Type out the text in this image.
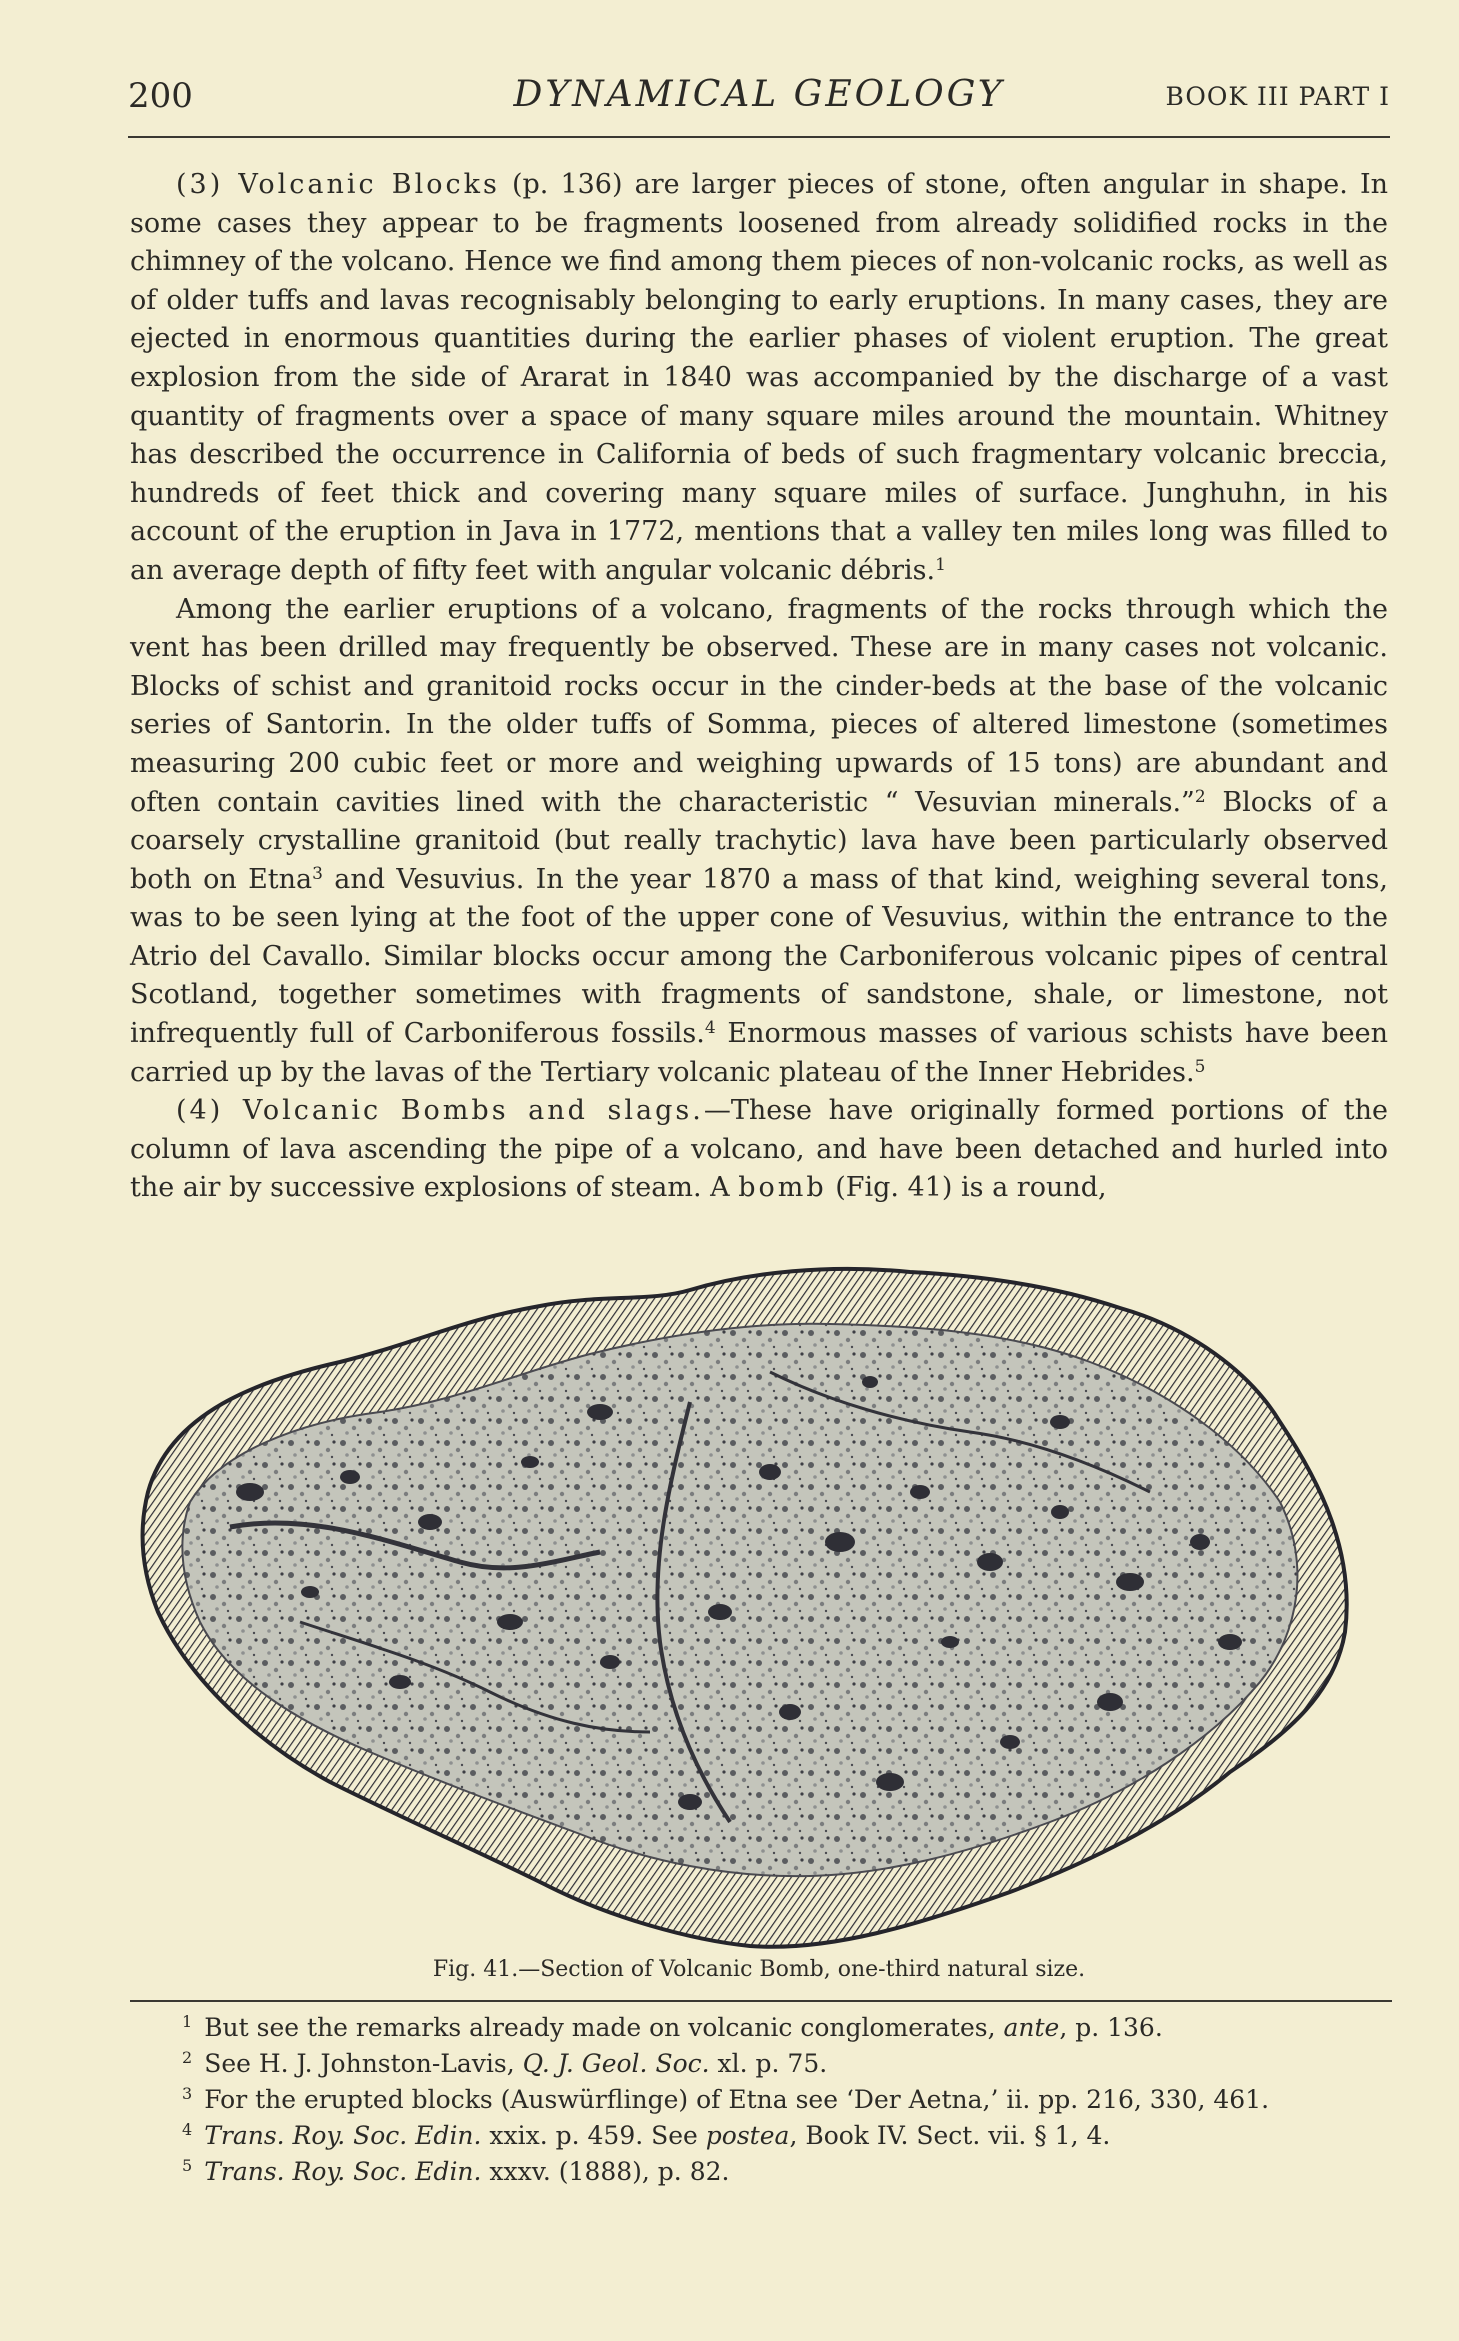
200	DYNAMICAL GEOLOGY	BOOK III PART I

(3) Volcanic Blocks (p. 136) are larger pieces of stone, often angular in shape. In some cases they appear to be fragments loosened from already solidified rocks in the chimney of the volcano. Hence we find among them pieces of non-volcanic rocks, as well as of older tuffs and lavas recognisably belonging to early eruptions. In many cases, they are ejected in enormous quantities during the earlier phases of violent eruption. The great explosion from the side of Ararat in 1840 was accompanied by the discharge of a vast quantity of fragments over a space of many square miles around the mountain. Whitney has described the occurrence in California of beds of such fragmentary volcanic breccia, hundreds of feet thick and covering many square miles of surface. Junghuhn, in his account of the eruption in Java in 1772, mentions that a valley ten miles long was filled to an average depth of fifty feet with angular volcanic débris.$^1$

Among the earlier eruptions of a volcano, fragments of the rocks through which the vent has been drilled may frequently be observed. These are in many cases not volcanic. Blocks of schist and granitoid rocks occur in the cinder-beds at the base of the volcanic series of Santorin. In the older tuffs of Somma, pieces of altered limestone (sometimes measuring 200 cubic feet or more and weighing upwards of 15 tons) are abundant and often contain cavities lined with the characteristic “ Vesuvian minerals.”$^2$ Blocks of a coarsely crystalline granitoid (but really trachytic) lava have been particularly observed both on Etna$^3$ and Vesuvius. In the year 1870 a mass of that kind, weighing several tons, was to be seen lying at the foot of the upper cone of Vesuvius, within the entrance to the Atrio del Cavallo. Similar blocks occur among the Carboniferous volcanic pipes of central Scotland, together sometimes with fragments of sandstone, shale, or limestone, not infrequently full of Carboniferous fossils.$^4$ Enormous masses of various schists have been carried up by the lavas of the Tertiary volcanic plateau of the Inner Hebrides.$^5$

(4) Volcanic Bombs and slags.—These have originally formed portions of the column of lava ascending the pipe of a volcano, and have been detached and hurled into the air by successive explosions of steam. A bomb (Fig. 41) is a round,

Fig. 41.—Section of Volcanic Bomb, one-third natural size.

$^1$ But see the remarks already made on volcanic conglomerates, ante, p. 136.

$^2$ See H. J. Johnston-Lavis, Q. J. Geol. Soc. xl. p. 75.

$^3$ For the erupted blocks (Auswürflinge) of Etna see ‘Der Aetna,’ ii. pp. 216, 330, 461.

$^4$ Trans. Roy. Soc. Edin. xxix. p. 459. See postea, Book IV. Sect. vii. § 1, 4.

$^5$ Trans. Roy. Soc. Edin. xxxv. (1888), p. 82.
